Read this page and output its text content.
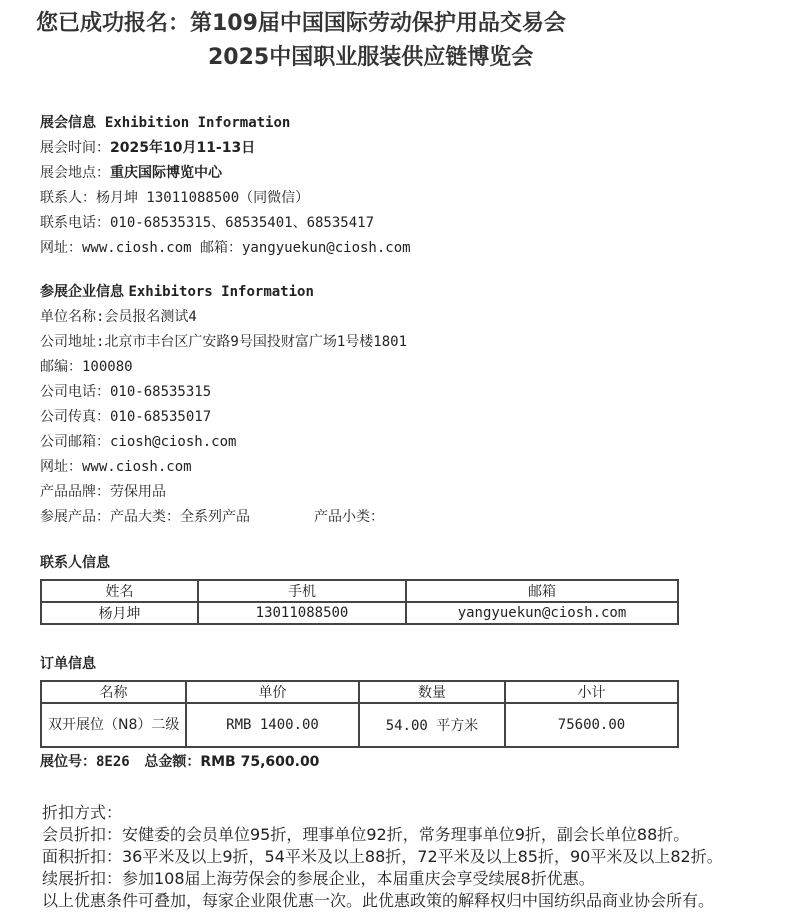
您已成功报名：第109届中国国际劳动保护用品交易会
2025中国职业服装供应链博览会
展会信息 Exhibition Information
展会时间：2025年10月11-13日
展会地点：重庆国际博览中心
联系人：杨月坤 13011088500（同微信）
联系电话：010-68535315、68535401、68535417
网址：www.ciosh.com 邮箱：yangyuekun@ciosh.com
参展企业信息 Exhibitors Information
单位名称:会员报名测试4
公司地址:北京市丰台区广安路9号国投财富广场1号楼1801
邮编：100080
公司电话：010-68535315
公司传真：010-68535017
公司邮箱：ciosh@ciosh.com
网址：www.ciosh.com
产品品牌：劳保用品
参展产品：产品大类：全系列产品	产品小类：
联系人信息
姓名	手机	邮箱
杨月坤	13011088500	yangyuekun@ciosh.com
订单信息
名称	单价	数量	小计
双开展位（N8）二级	RMB 1400.00	54.00 平方米	75600.00
展位号：8E26 总金额：RMB 75,600.00
折扣方式：
会员折扣：安健委的会员单位95折，理事单位92折，常务理事单位9折，副会长单位88折。
面积折扣：36平米及以上9折，54平米及以上88折，72平米及以上85折，90平米及以上82折。
续展折扣：参加108届上海劳保会的参展企业，本届重庆会享受续展8折优惠。
以上优惠条件可叠加，每家企业限优惠一次。此优惠政策的解释权归中国纺织品商业协会所有。
